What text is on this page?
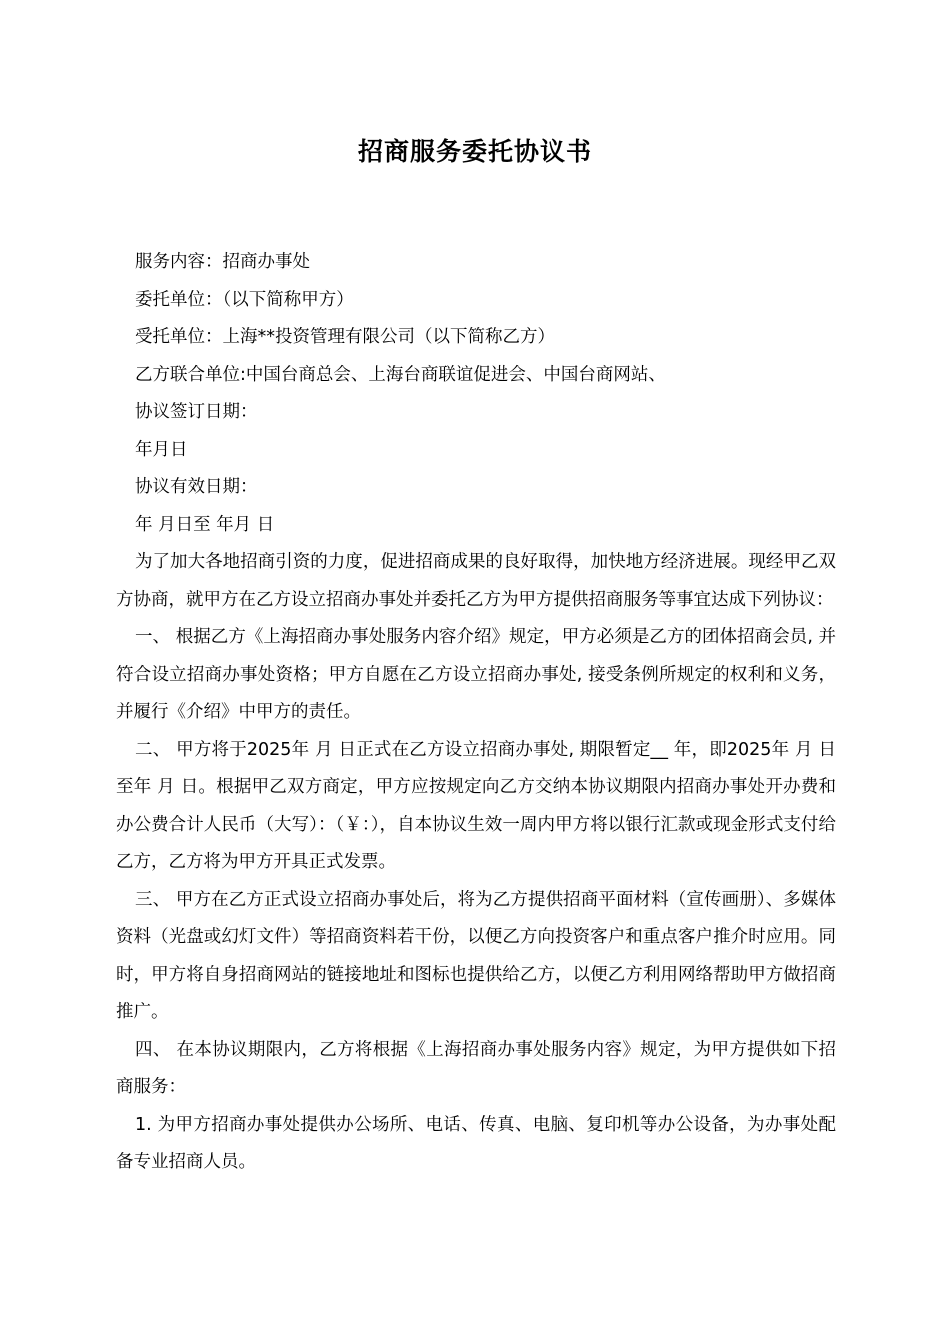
招商服务委托协议书

服务内容：招商办事处

委托单位：（以下简称甲方）

受托单位：上海**投资管理有限公司（以下简称乙方）

乙方联合单位:中国台商总会、上海台商联谊促进会、中国台商网站、

协议签订日期：

年月日

协议有效日期：

年 月日至 年月 日

为了加大各地招商引资的力度，促进招商成果的良好取得，加快地方经济进展。现经甲乙双方协商，就甲方在乙方设立招商办事处并委托乙方为甲方提供招商服务等事宜达成下列协议：

一、 根据乙方《上海招商办事处服务内容介绍》规定，甲方必须是乙方的团体招商会员, 并符合设立招商办事处资格；甲方自愿在乙方设立招商办事处, 接受条例所规定的权利和义务，并履行《介绍》中甲方的责任。

二、 甲方将于2025年 月 日正式在乙方设立招商办事处, 期限暂定__ 年，即2025年 月 日至年 月 日。根据甲乙双方商定，甲方应按规定向乙方交纳本协议期限内招商办事处开办费和办公费合计人民币（大写）：（￥：），自本协议生效一周内甲方将以银行汇款或现金形式支付给乙方，乙方将为甲方开具正式发票。

三、 甲方在乙方正式设立招商办事处后，将为乙方提供招商平面材料（宣传画册）、多媒体资料（光盘或幻灯文件）等招商资料若干份，以便乙方向投资客户和重点客户推介时应用。同时，甲方将自身招商网站的链接地址和图标也提供给乙方，以便乙方利用网络帮助甲方做招商推广。

四、 在本协议期限内，乙方将根据《上海招商办事处服务内容》规定，为甲方提供如下招商服务：

1. 为甲方招商办事处提供办公场所、电话、传真、电脑、复印机等办公设备，为办事处配备专业招商人员。
